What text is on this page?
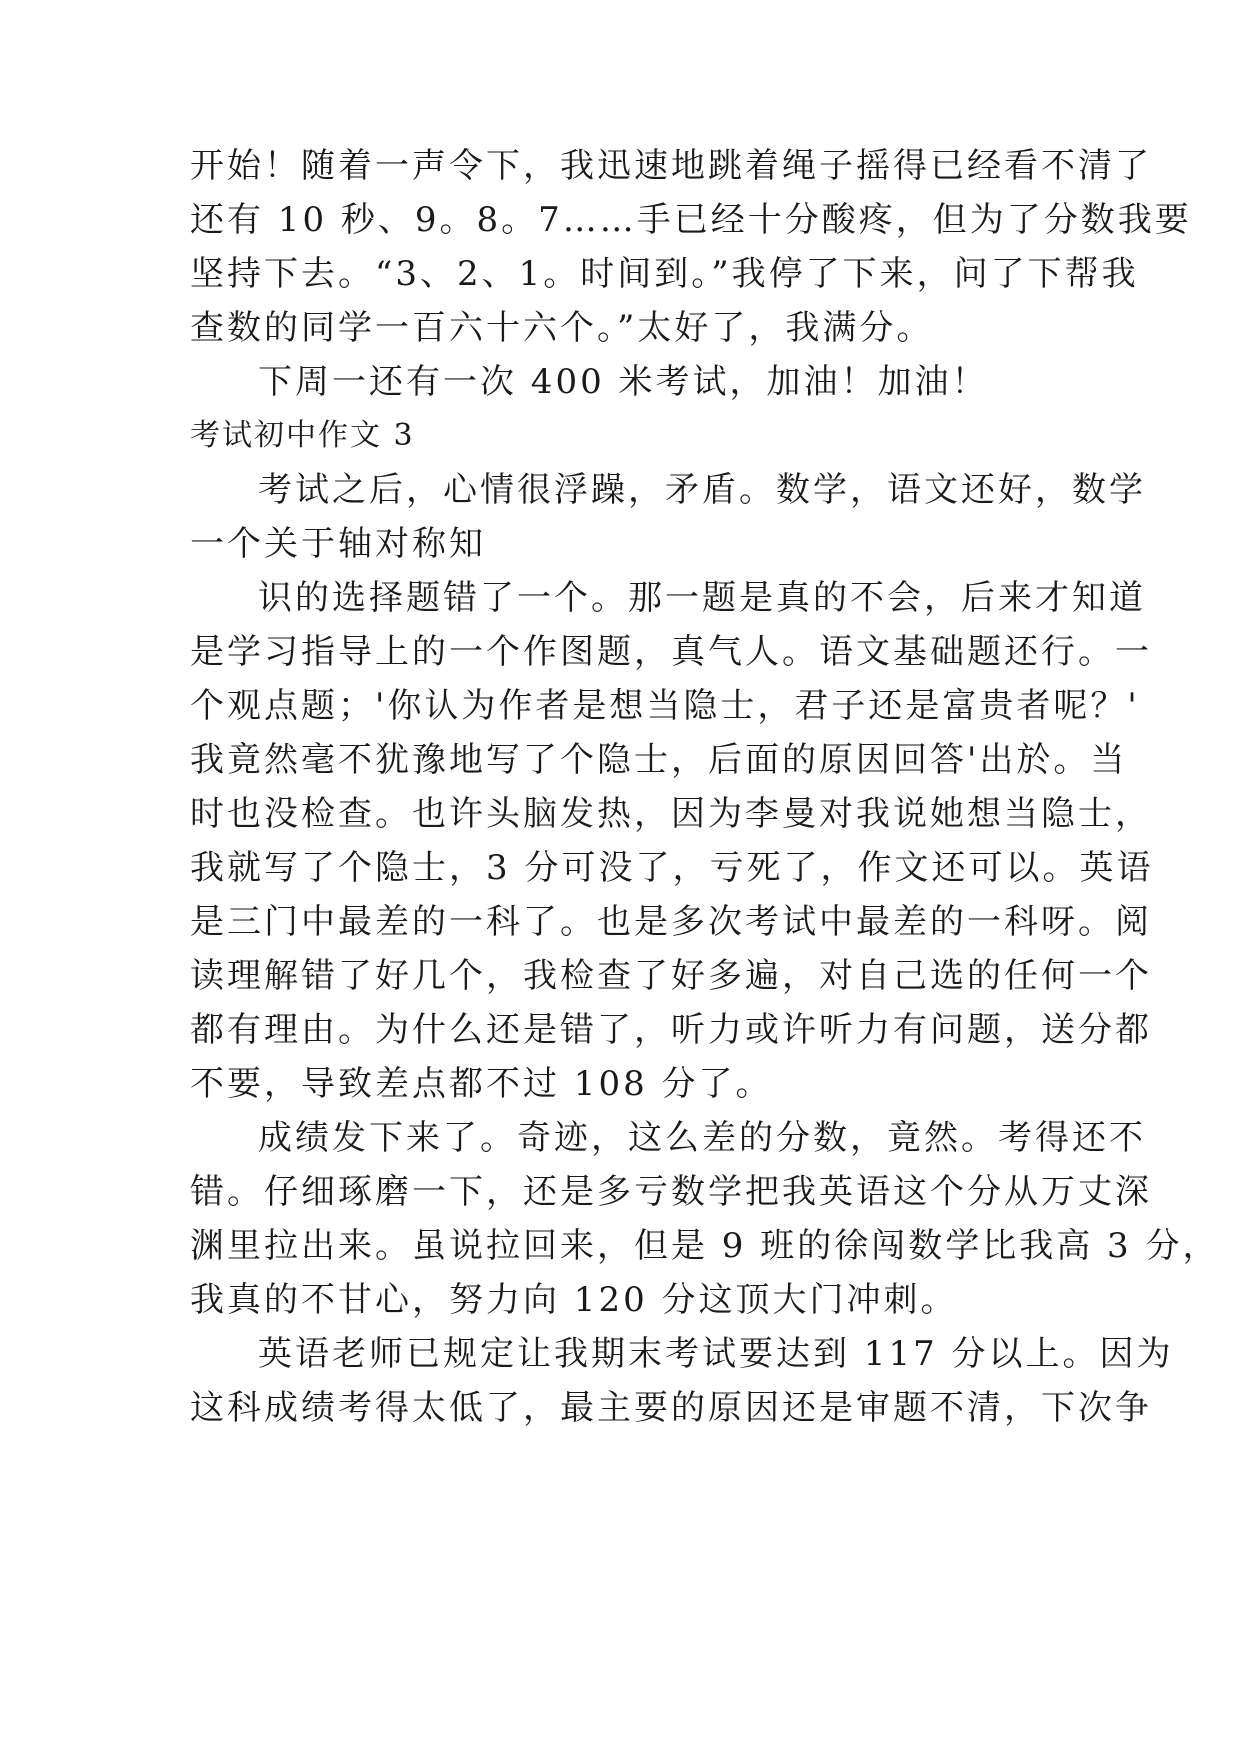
开始！随着一声令下，我迅速地跳着绳子摇得已经看不清了
还有 10 秒、9。8。7……手已经十分酸疼，但为了分数我要
坚持下去。“3、2、1。时间到。”我停了下来，问了下帮我
查数的同学一百六十六个。”太好了，我满分。
下周一还有一次 400 米考试，加油！加油！
考试初中作文 3
考试之后，心情很浮躁，矛盾。数学，语文还好，数学
一个关于轴对称知
识的选择题错了一个。那一题是真的不会，后来才知道
是学习指导上的一个作图题，真气人。语文基础题还行。一
个观点题；'你认为作者是想当隐士，君子还是富贵者呢？'
我竟然毫不犹豫地写了个隐士，后面的原因回答'出於。当
时也没检查。也许头脑发热，因为李曼对我说她想当隐士，
我就写了个隐士，3 分可没了，亏死了，作文还可以。英语
是三门中最差的一科了。也是多次考试中最差的一科呀。阅
读理解错了好几个，我检查了好多遍，对自己选的任何一个
都有理由。为什么还是错了，听力或许听力有问题，送分都
不要，导致差点都不过 108 分了。
成绩发下来了。奇迹，这么差的分数，竟然。考得还不
错。仔细琢磨一下，还是多亏数学把我英语这个分从万丈深
渊里拉出来。虽说拉回来，但是 9 班的徐闯数学比我高 3 分，
我真的不甘心，努力向 120 分这顶大门冲刺。
英语老师已规定让我期末考试要达到 117 分以上。因为
这科成绩考得太低了，最主要的原因还是审题不清，下次争
